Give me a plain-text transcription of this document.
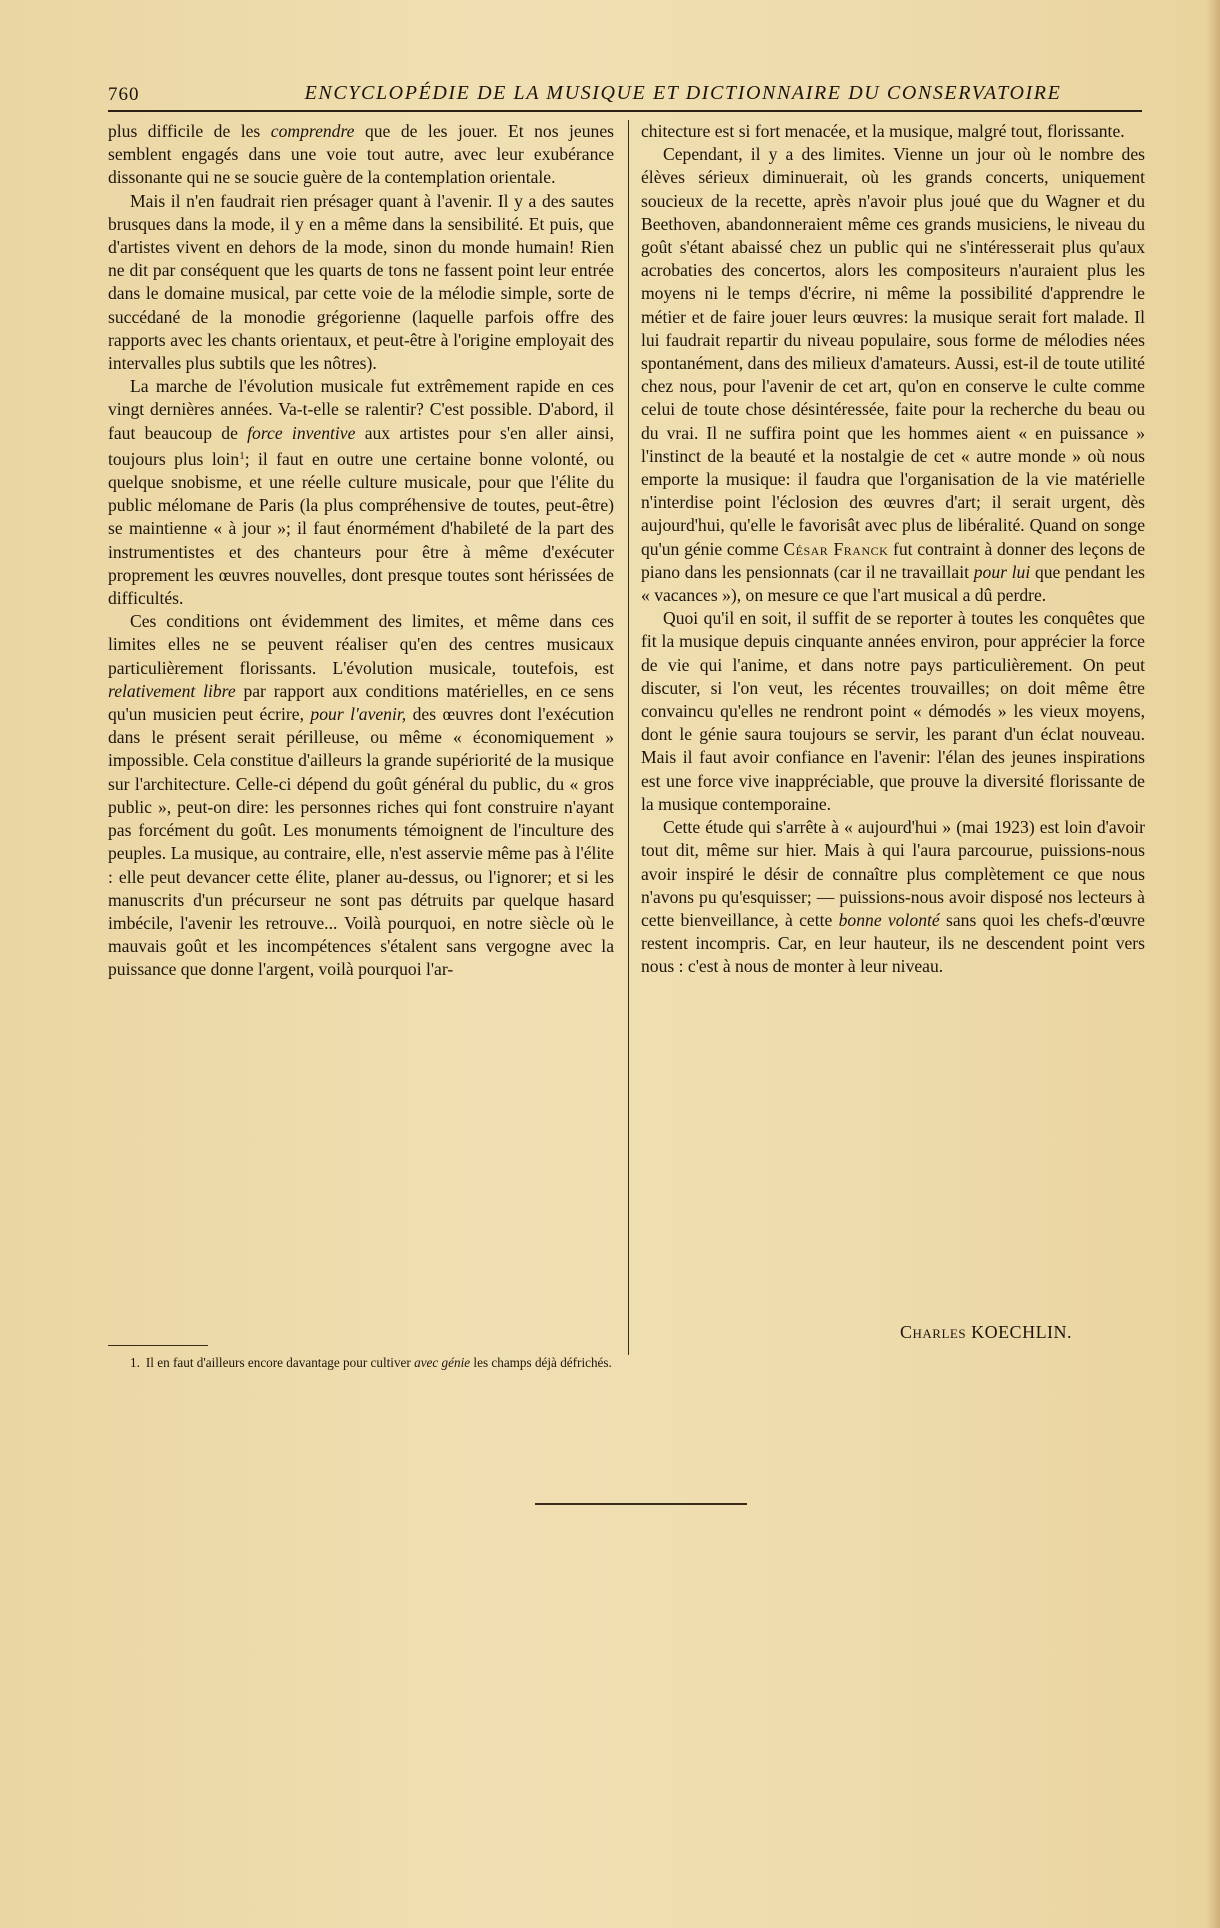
760	ENCYCLOPÉDIE DE LA MUSIQUE ET DICTIONNAIRE DU CONSERVATOIRE

plus difficile de les comprendre que de les jouer. Et nos jeunes semblent engagés dans une voie tout autre, avec leur exubérance dissonante qui ne se soucie guère de la contemplation orientale.

Mais il n'en faudrait rien présager quant à l'avenir. Il y a des sautes brusques dans la mode, il y en a même dans la sensibilité. Et puis, que d'artistes vivent en dehors de la mode, sinon du monde humain! Rien ne dit par conséquent que les quarts de tons ne fassent point leur entrée dans le domaine musical, par cette voie de la mélodie simple, sorte de succédané de la monodie grégorienne (laquelle parfois offre des rapports avec les chants orientaux, et peut-être à l'origine employait des intervalles plus subtils que les nôtres).

La marche de l'évolution musicale fut extrêmement rapide en ces vingt dernières années. Va-t-elle se ralentir? C'est possible. D'abord, il faut beaucoup de force inventive aux artistes pour s'en aller ainsi, toujours plus loin$^1$; il faut en outre une certaine bonne volonté, ou quelque snobisme, et une réelle culture musicale, pour que l'élite du public mélomane de Paris (la plus compréhensive de toutes, peut-être) se maintienne « à jour »; il faut énormément d'habileté de la part des instrumentistes et des chanteurs pour être à même d'exécuter proprement les œuvres nouvelles, dont presque toutes sont hérissées de difficultés.

Ces conditions ont évidemment des limites, et même dans ces limites elles ne se peuvent réaliser qu'en des centres musicaux particulièrement florissants. L'évolution musicale, toutefois, est relativement libre par rapport aux conditions matérielles, en ce sens qu'un musicien peut écrire, pour l'avenir, des œuvres dont l'exécution dans le présent serait périlleuse, ou même « économiquement » impossible. Cela constitue d'ailleurs la grande supériorité de la musique sur l'architecture. Celle-ci dépend du goût général du public, du « gros public », peut-on dire: les personnes riches qui font construire n'ayant pas forcément du goût. Les monuments témoignent de l'inculture des peuples. La musique, au contraire, elle, n'est asservie même pas à l'élite : elle peut devancer cette élite, planer au-dessus, ou l'ignorer; et si les manuscrits d'un précurseur ne sont pas détruits par quelque hasard imbécile, l'avenir les retrouve... Voilà pourquoi, en notre siècle où le mauvais goût et les incompétences s'étalent sans vergogne avec la puissance que donne l'argent, voilà pourquoi l'ar-

chitecture est si fort menacée, et la musique, malgré tout, florissante.

Cependant, il y a des limites. Vienne un jour où le nombre des élèves sérieux diminuerait, où les grands concerts, uniquement soucieux de la recette, après n'avoir plus joué que du Wagner et du Beethoven, abandonneraient même ces grands musiciens, le niveau du goût s'étant abaissé chez un public qui ne s'intéresserait plus qu'aux acrobaties des concertos, alors les compositeurs n'auraient plus les moyens ni le temps d'écrire, ni même la possibilité d'apprendre le métier et de faire jouer leurs œuvres: la musique serait fort malade. Il lui faudrait repartir du niveau populaire, sous forme de mélodies nées spontanément, dans des milieux d'amateurs. Aussi, est-il de toute utilité chez nous, pour l'avenir de cet art, qu'on en conserve le culte comme celui de toute chose désintéressée, faite pour la recherche du beau ou du vrai. Il ne suffira point que les hommes aient « en puissance » l'instinct de la beauté et la nostalgie de cet « autre monde » où nous emporte la musique: il faudra que l'organisation de la vie matérielle n'interdise point l'éclosion des œuvres d'art; il serait urgent, dès aujourd'hui, qu'elle le favorisât avec plus de libéralité. Quand on songe qu'un génie comme César Franck fut contraint à donner des leçons de piano dans les pensionnats (car il ne travaillait pour lui que pendant les « vacances »), on mesure ce que l'art musical a dû perdre.

Quoi qu'il en soit, il suffit de se reporter à toutes les conquêtes que fit la musique depuis cinquante années environ, pour apprécier la force de vie qui l'anime, et dans notre pays particulièrement. On peut discuter, si l'on veut, les récentes trouvailles; on doit même être convaincu qu'elles ne rendront point « démodés » les vieux moyens, dont le génie saura toujours se servir, les parant d'un éclat nouveau. Mais il faut avoir confiance en l'avenir: l'élan des jeunes inspirations est une force vive inappréciable, que prouve la diversité florissante de la musique contemporaine.

Cette étude qui s'arrête à « aujourd'hui » (mai 1923) est loin d'avoir tout dit, même sur hier. Mais à qui l'aura parcourue, puissions-nous avoir inspiré le désir de connaître plus complètement ce que nous n'avons pu qu'esquisser; — puissions-nous avoir disposé nos lecteurs à cette bienveillance, à cette bonne volonté sans quoi les chefs-d'œuvre restent incompris. Car, en leur hauteur, ils ne descendent point vers nous : c'est à nous de monter à leur niveau.

Charles KOECHLIN.
1. Il en faut d'ailleurs encore davantage pour cultiver avec génie les champs déjà défrichés.
